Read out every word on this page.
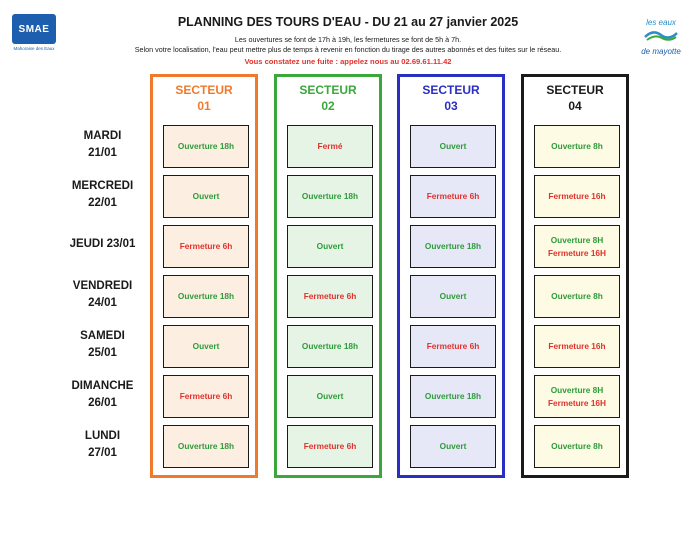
SMAE
Mahoraise des Eaux
les eaux
de mayotte
PLANNING DES TOURS D'EAU - DU 21 au 27 janvier 2025
Les ouvertures se font de 17h à 19h, les fermetures se font de 5h à 7h.
Selon votre localisation, l'eau peut mettre plus de temps à revenir en fonction du tirage des autres abonnés et des fuites sur le réseau.
Vous constatez une fuite : appelez nous au 02.69.61.11.42
MARDI
21/01
MERCREDI
22/01
JEUDI 23/01
VENDREDI
24/01
SAMEDI
25/01
DIMANCHE
26/01
LUNDI
27/01
SECTEUR
01
Ouverture 18h
Ouvert
Fermeture 6h
Ouverture 18h
Ouvert
Fermeture 6h
Ouverture 18h
SECTEUR
02
Fermé
Ouverture 18h
Ouvert
Fermeture 6h
Ouverture 18h
Ouvert
Fermeture 6h
SECTEUR
03
Ouvert
Fermeture 6h
Ouverture 18h
Ouvert
Fermeture 6h
Ouverture 18h
Ouvert
SECTEUR
04
Ouverture 8h
Fermeture 16h
Ouverture 8H
Fermeture 16H
Ouverture 8h
Fermeture 16h
Ouverture 8H
Fermeture 16H
Ouverture 8h
